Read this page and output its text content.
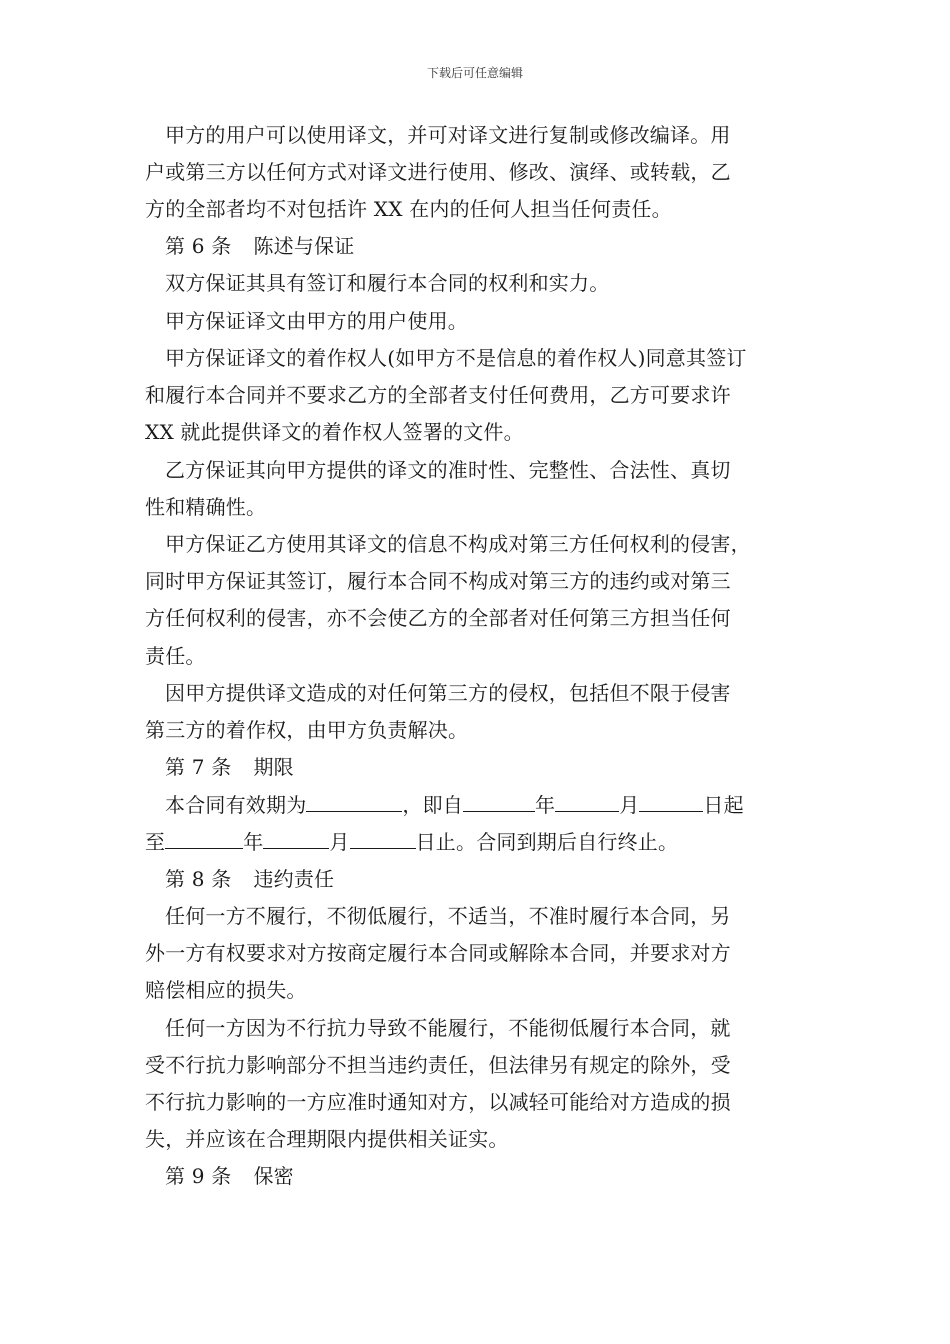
下载后可任意编辑
甲方的用户可以使用译文，并可对译文进行复制或修改编译。用
户或第三方以任何方式对译文进行使用、修改、演绎、或转载，乙
方的全部者均不对包括许 XX 在内的任何人担当任何责任。
第 6 条 陈述与保证
双方保证其具有签订和履行本合同的权利和实力。
甲方保证译文由甲方的用户使用。
甲方保证译文的着作权人(如甲方不是信息的着作权人)同意其签订
和履行本合同并不要求乙方的全部者支付任何费用，乙方可要求许
XX 就此提供译文的着作权人签署的文件。
乙方保证其向甲方提供的译文的准时性、完整性、合法性、真切
性和精确性。
甲方保证乙方使用其译文的信息不构成对第三方任何权利的侵害，
同时甲方保证其签订，履行本合同不构成对第三方的违约或对第三
方任何权利的侵害，亦不会使乙方的全部者对任何第三方担当任何
责任。
因甲方提供译文造成的对任何第三方的侵权，包括但不限于侵害
第三方的着作权，由甲方负责解决。
第 7 条 期限
本合同有效期为	，即自	年	月	日起
至	年	月	日止。合同到期后自行终止。
第 8 条 违约责任
任何一方不履行，不彻低履行，不适当，不准时履行本合同，另
外一方有权要求对方按商定履行本合同或解除本合同，并要求对方
赔偿相应的损失。
任何一方因为不行抗力导致不能履行，不能彻低履行本合同，就
受不行抗力影响部分不担当违约责任，但法律另有规定的除外，受
不行抗力影响的一方应准时通知对方，以减轻可能给对方造成的损
失，并应该在合理期限内提供相关证实。
第 9 条 保密
